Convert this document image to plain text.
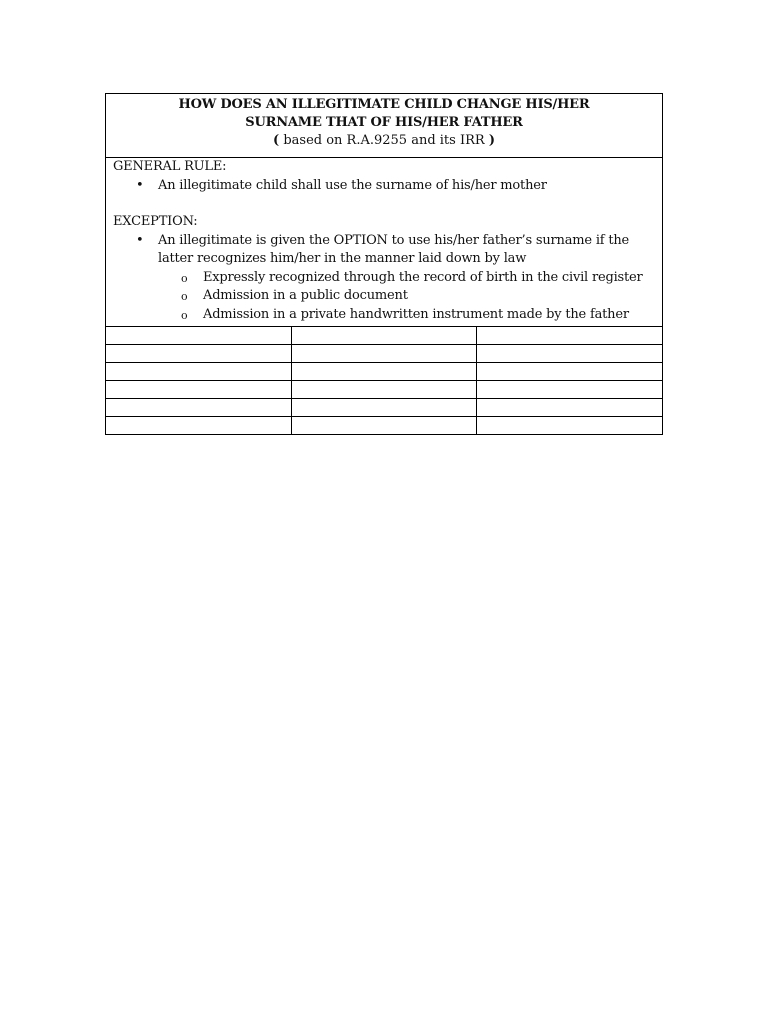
HOW DOES AN ILLEGITIMATE CHILD CHANGE HIS/HER
SURNAME THAT OF HIS/HER FATHER
( based on R.A.9255 and its IRR )
GENERAL RULE:
• An illegitimate child shall use the surname of his/her mother
EXCEPTION:
• An illegitimate is given the OPTION to use his/her father’s surname if the latter recognizes him/her in the manner laid down by law
o Expressly recognized through the record of birth in the civil register
o Admission in a public document
o Admission in a private handwritten instrument made by the father
